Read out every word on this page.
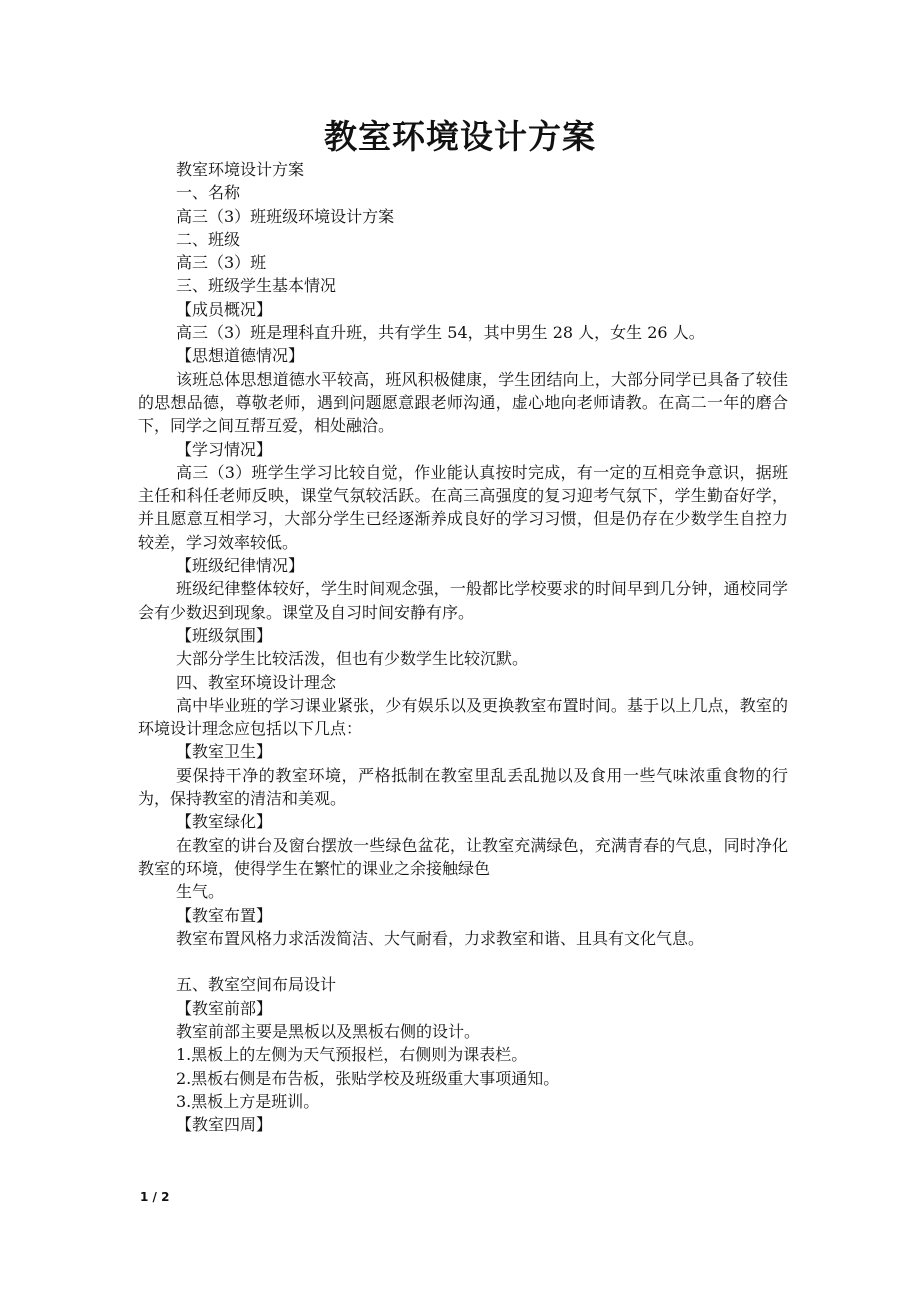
教室环境设计方案
教室环境设计方案
一、名称
高三（3）班班级环境设计方案
二、班级
高三（3）班
三、班级学生基本情况
【成员概况】
高三（3）班是理科直升班，共有学生 54，其中男生 28 人，女生 26 人。
【思想道德情况】
该班总体思想道德水平较高，班风积极健康，学生团结向上，大部分同学已具备了较佳的思想品德，尊敬老师，遇到问题愿意跟老师沟通，虚心地向老师请教。在高二一年的磨合下，同学之间互帮互爱，相处融洽。
【学习情况】
高三（3）班学生学习比较自觉，作业能认真按时完成，有一定的互相竞争意识，据班主任和科任老师反映，课堂气氛较活跃。在高三高强度的复习迎考气氛下，学生勤奋好学，并且愿意互相学习，大部分学生已经逐渐养成良好的学习习惯，但是仍存在少数学生自控力较差，学习效率较低。
【班级纪律情况】
班级纪律整体较好，学生时间观念强，一般都比学校要求的时间早到几分钟，通校同学会有少数迟到现象。课堂及自习时间安静有序。
【班级氛围】
大部分学生比较活泼，但也有少数学生比较沉默。
四、教室环境设计理念
高中毕业班的学习课业紧张，少有娱乐以及更换教室布置时间。基于以上几点，教室的环境设计理念应包括以下几点：
【教室卫生】
要保持干净的教室环境，严格抵制在教室里乱丢乱抛以及食用一些气味浓重食物的行为，保持教室的清洁和美观。
【教室绿化】
在教室的讲台及窗台摆放一些绿色盆花，让教室充满绿色，充满青春的气息，同时净化教室的环境，使得学生在繁忙的课业之余接触绿色
生气。
【教室布置】
教室布置风格力求活泼简洁、大气耐看，力求教室和谐、且具有文化气息。
五、教室空间布局设计
【教室前部】
教室前部主要是黑板以及黑板右侧的设计。
1.黑板上的左侧为天气预报栏，右侧则为课表栏。
2.黑板右侧是布告板，张贴学校及班级重大事项通知。
3.黑板上方是班训。
【教室四周】
1 / 2
